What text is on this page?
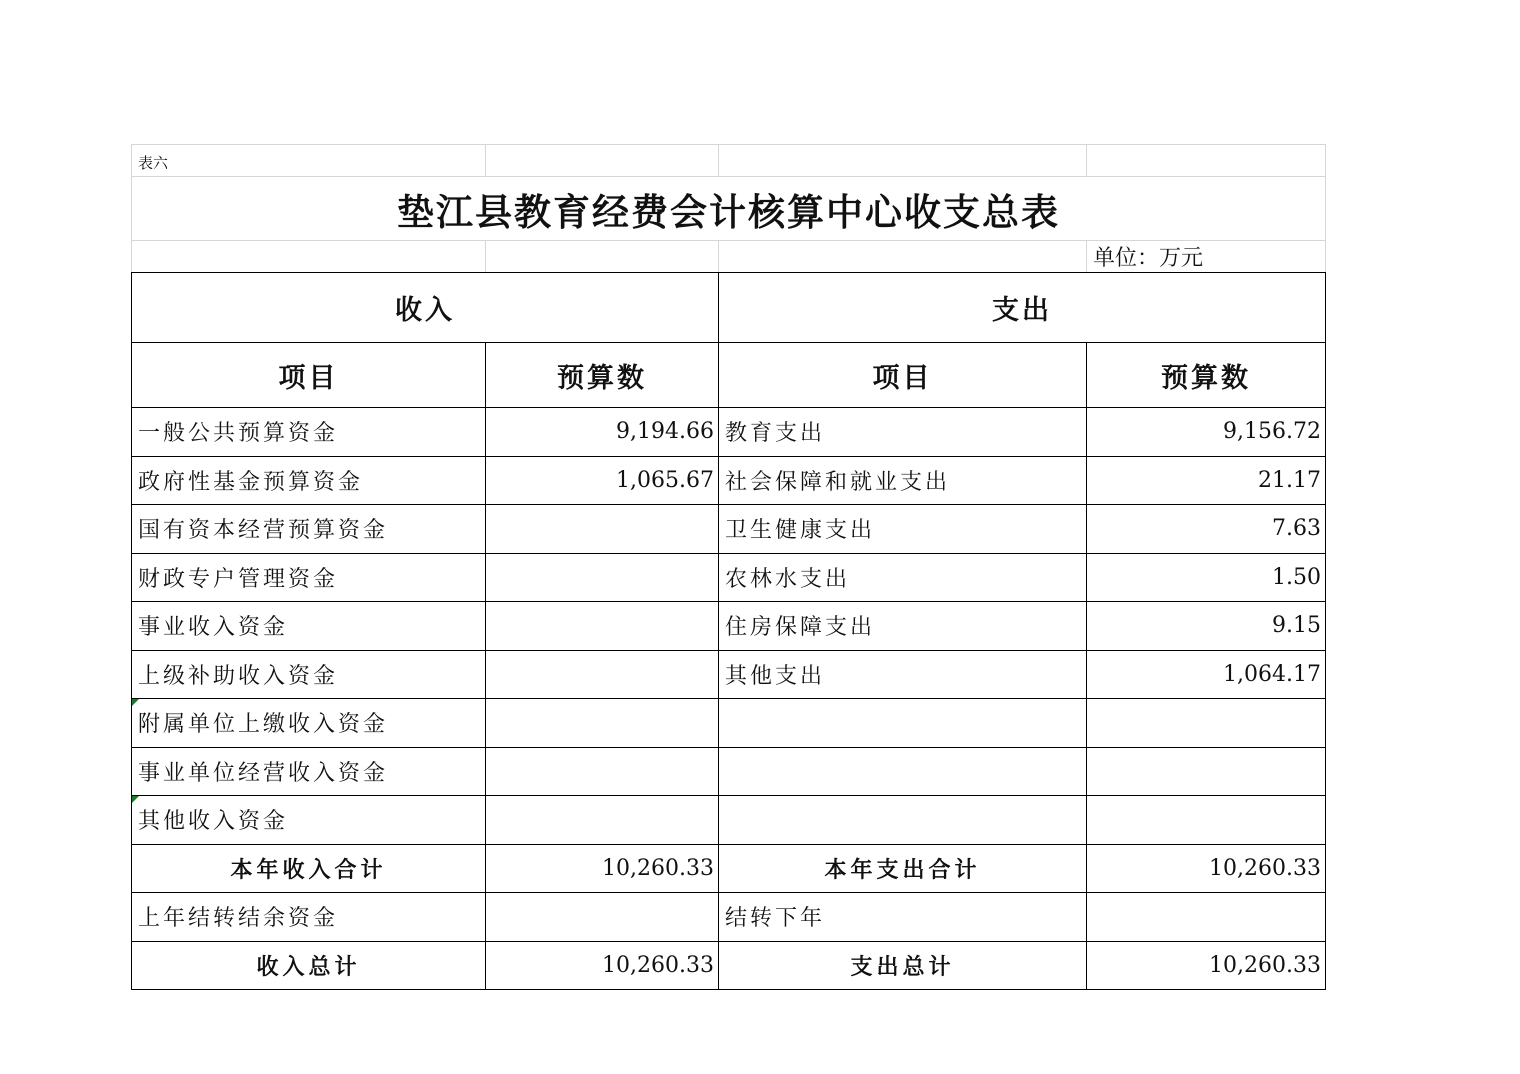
表六			
垫江县教育经费会计核算中心收支总表			
			单位：万元
收入		支出	
项目	预算数	项目	预算数
一般公共预算资金	9,194.66	教育支出	9,156.72
政府性基金预算资金	1,065.67	社会保障和就业支出	21.17
国有资本经营预算资金		卫生健康支出	7.63
财政专户管理资金		农林水支出	1.50
事业收入资金		住房保障支出	9.15
上级补助收入资金		其他支出	1,064.17
附属单位上缴收入资金			
事业单位经营收入资金			
其他收入资金			
本年收入合计	10,260.33	本年支出合计	10,260.33
上年结转结余资金		结转下年	
收入总计	10,260.33	支出总计	10,260.33
